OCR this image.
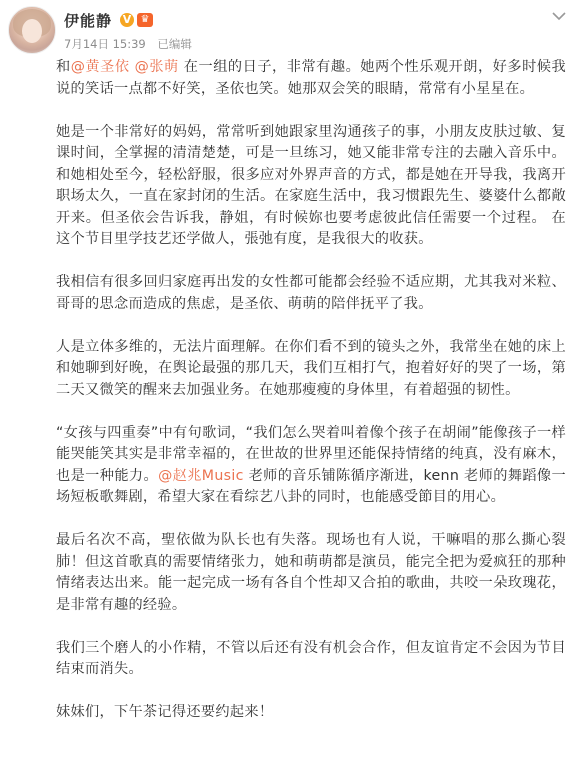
伊能静 V ♛
7月14日 15:39 已编辑

和@黄圣依 @张萌 在一组的日子，非常有趣。她两个性乐观开朗，好多时候我说的笑话一点都不好笑，圣依也笑。她那双会笑的眼睛，常常有小星星在。

她是一个非常好的妈妈，常常听到她跟家里沟通孩子的事，小朋友皮肤过敏、复课时间，全掌握的清清楚楚，可是一旦练习，她又能非常专注的去融入音乐中。和她相处至今，轻松舒服，很多应对外界声音的方式，都是她在开导我，我离开职场太久，一直在家封闭的生活。在家庭生活中，我习惯跟先生、婆婆什么都敞开来。但圣依会告诉我，静姐，有时候妳也要考虑彼此信任需要一个过程。 在这个节目里学技艺还学做人，張弛有度，是我很大的收获。

我相信有很多回归家庭再出发的女性都可能都会经验不适应期，尤其我对米粒、哥哥的思念而造成的焦虑，是圣依、萌萌的陪伴抚平了我。

人是立体多维的，无法片面理解。在你们看不到的镜头之外，我常坐在她的床上和她聊到好晚，在舆论最强的那几天，我们互相打气，抱着好好的哭了一场，第二天又微笑的醒来去加强业务。在她那瘦瘦的身体里，有着超强的韧性。

“女孩与四重奏”中有句歌词，“我们怎么哭着叫着像个孩子在胡闹”能像孩子一样能哭能笑其实是非常幸福的，在世故的世界里还能保持情绪的纯真，没有麻木，也是一种能力。@赵兆Music 老师的音乐铺陈循序渐进，kenn 老师的舞蹈像一场短板歌舞剧，希望大家在看综艺八卦的同时，也能感受節目的用心。

最后名次不高，聖依做为队长也有失落。现场也有人说，干嘛唱的那么撕心裂肺！但这首歌真的需要情绪张力，她和萌萌都是演员，能完全把为爱疯狂的那种情绪表达出来。能一起完成一场有各自个性却又合拍的歌曲，共咬一朵玫瑰花，是非常有趣的经验。

我们三个磨人的小作精，不管以后还有没有机会合作，但友谊肯定不会因为节目结束而消失。

妹妹们，下午茶记得还要约起来！
